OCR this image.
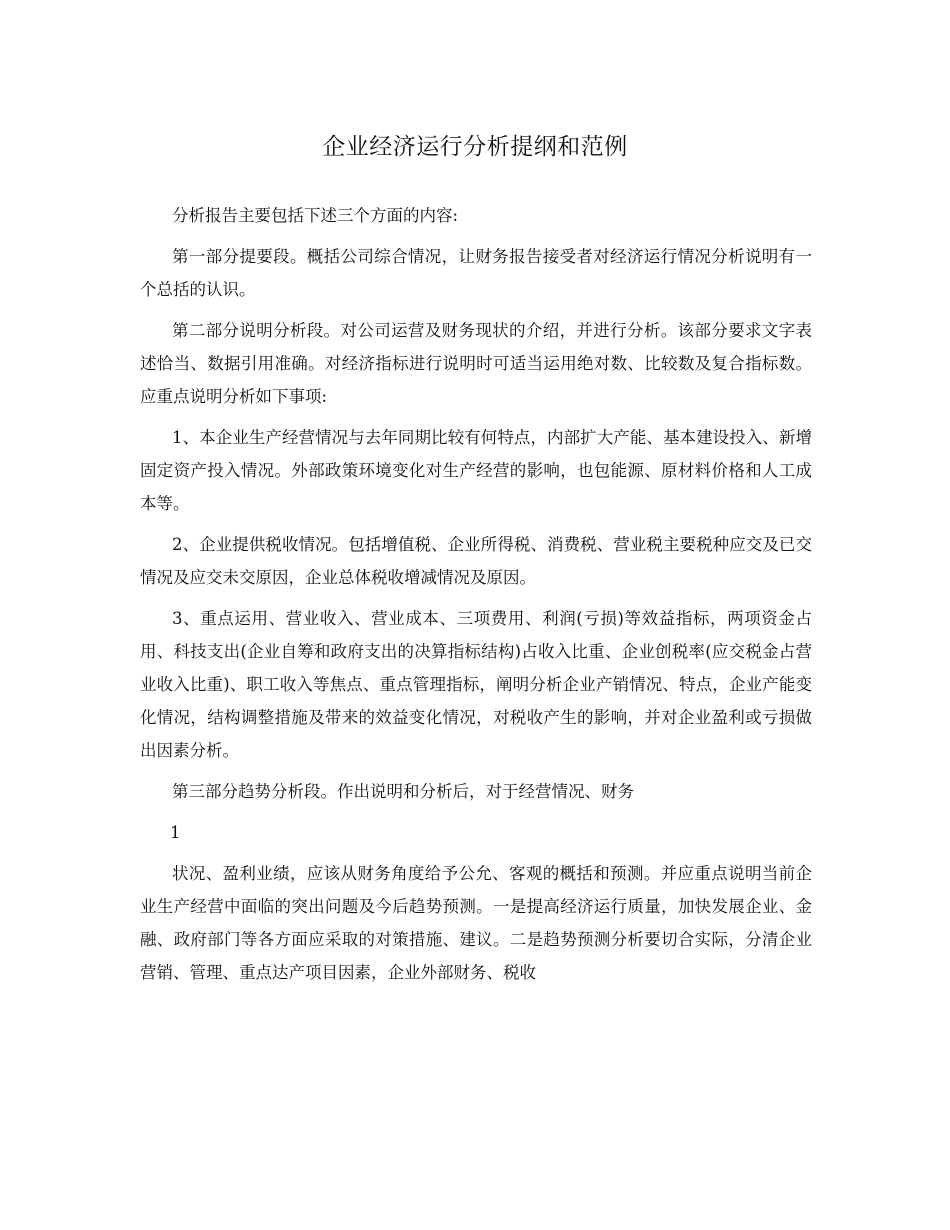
企业经济运行分析提纲和范例

分析报告主要包括下述三个方面的内容:

第一部分提要段。概括公司综合情况，让财务报告接受者对经济运行情况分析说明有一个总括的认识。

第二部分说明分析段。对公司运营及财务现状的介绍，并进行分析。该部分要求文字表述恰当、数据引用准确。对经济指标进行说明时可适当运用绝对数、比较数及复合指标数。应重点说明分析如下事项:

1、本企业生产经营情况与去年同期比较有何特点，内部扩大产能、基本建设投入、新增固定资产投入情况。外部政策环境变化对生产经营的影响，也包能源、原材料价格和人工成本等。

2、企业提供税收情况。包括增值税、企业所得税、消费税、营业税主要税种应交及已交情况及应交未交原因，企业总体税收增减情况及原因。

3、重点运用、营业收入、营业成本、三项费用、利润(亏损)等效益指标，两项资金占用、科技支出(企业自筹和政府支出的决算指标结构)占收入比重、企业创税率(应交税金占营业收入比重)、职工收入等焦点、重点管理指标，阐明分析企业产销情况、特点，企业产能变化情况，结构调整措施及带来的效益变化情况，对税收产生的影响，并对企业盈利或亏损做出因素分析。

第三部分趋势分析段。作出说明和分析后，对于经营情况、财务

1

状况、盈利业绩，应该从财务角度给予公允、客观的概括和预测。并应重点说明当前企业生产经营中面临的突出问题及今后趋势预测。一是提高经济运行质量，加快发展企业、金融、政府部门等各方面应采取的对策措施、建议。二是趋势预测分析要切合实际，分清企业营销、管理、重点达产项目因素，企业外部财务、税收
